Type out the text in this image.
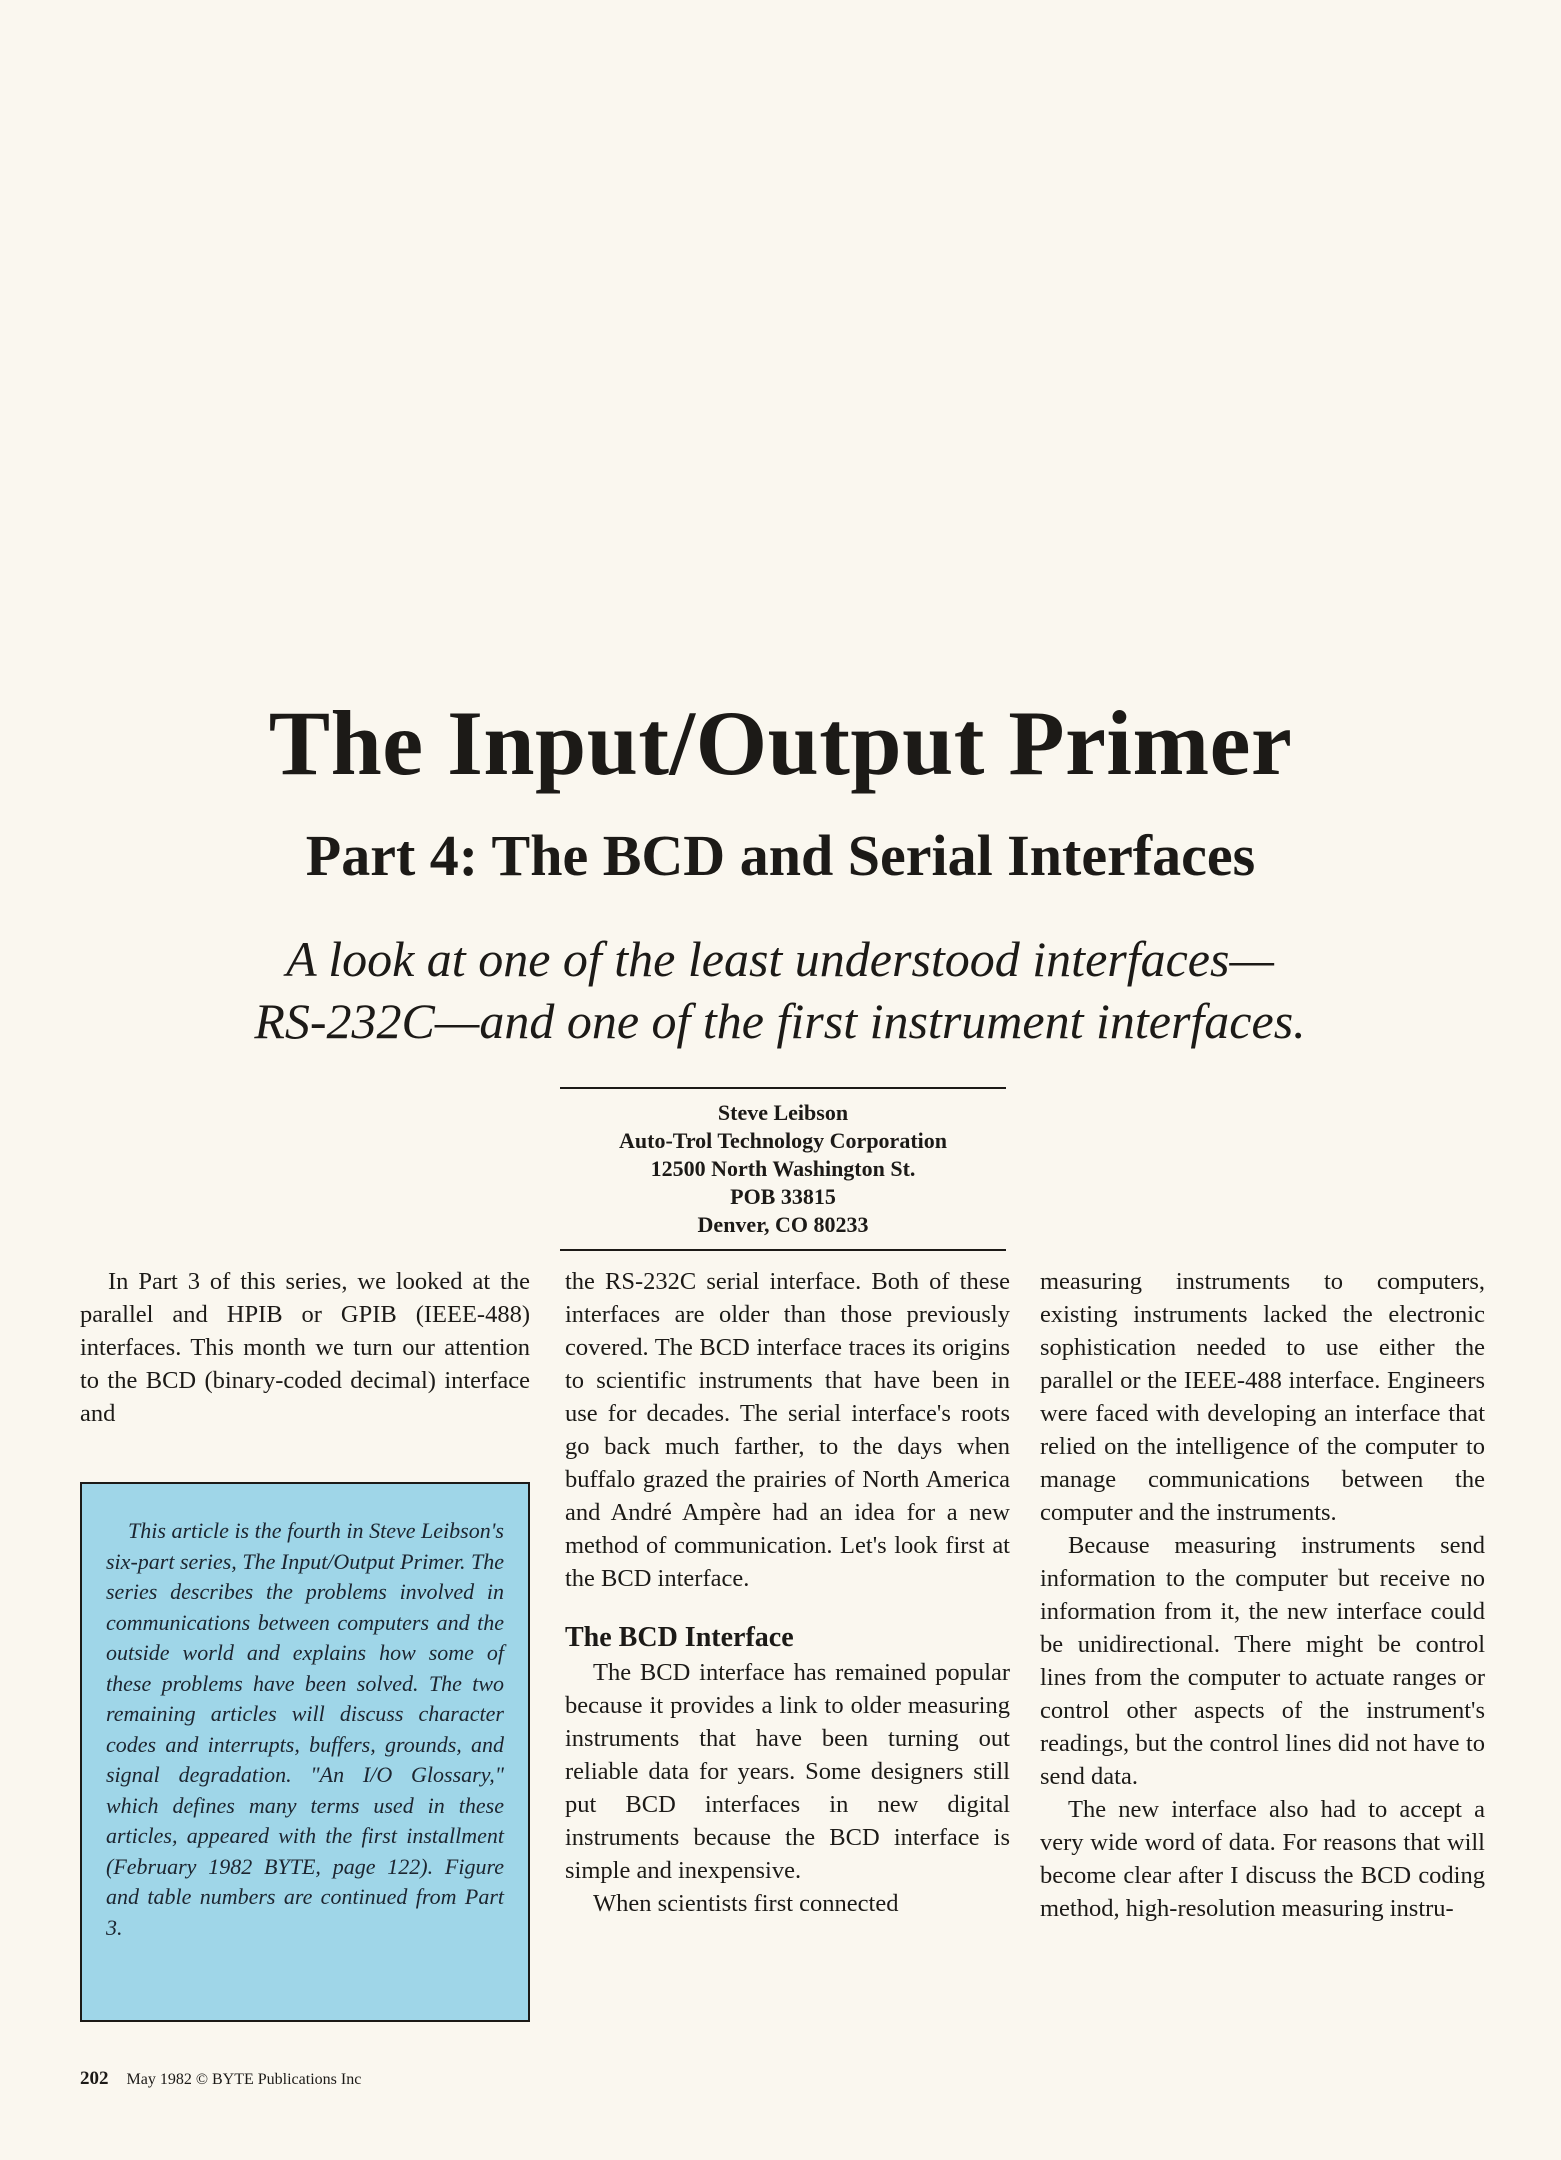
The Input/Output Primer
Part 4: The BCD and Serial Interfaces
A look at one of the least understood interfaces—
RS-232C—and one of the first instrument interfaces.
Steve Leibson
Auto-Trol Technology Corporation
12500 North Washington St.
POB 33815
Denver, CO 80233

In Part 3 of this series, we looked at the parallel and HPIB or GPIB (IEEE-488) interfaces. This month we turn our attention to the BCD (binary-coded decimal) interface and

This article is the fourth in Steve Leibson's six-part series, The Input/Output Primer. The series describes the problems involved in communications between computers and the outside world and explains how some of these problems have been solved. The two remaining articles will discuss character codes and interrupts, buffers, grounds, and signal degradation. "An I/O Glossary," which defines many terms used in these articles, appeared with the first installment (February 1982 BYTE, page 122). Figure and table numbers are continued from Part 3.

the RS-232C serial interface. Both of these interfaces are older than those previously covered. The BCD interface traces its origins to scientific instruments that have been in use for decades. The serial interface's roots go back much farther, to the days when buffalo grazed the prairies of North America and André Ampère had an idea for a new method of communication. Let's look first at the BCD interface.

The BCD Interface

The BCD interface has remained popular because it provides a link to older measuring instruments that have been turning out reliable data for years. Some designers still put BCD interfaces in new digital instruments because the BCD interface is simple and inexpensive.

When scientists first connected

measuring instruments to computers, existing instruments lacked the electronic sophistication needed to use either the parallel or the IEEE-488 interface. Engineers were faced with developing an interface that relied on the intelligence of the computer to manage communications between the computer and the instruments.

Because measuring instruments send information to the computer but receive no information from it, the new interface could be unidirectional. There might be control lines from the computer to actuate ranges or control other aspects of the instrument's readings, but the control lines did not have to send data.

The new interface also had to accept a very wide word of data. For reasons that will become clear after I discuss the BCD coding method, high-resolution measuring instru-

202 May 1982 © BYTE Publications Inc
